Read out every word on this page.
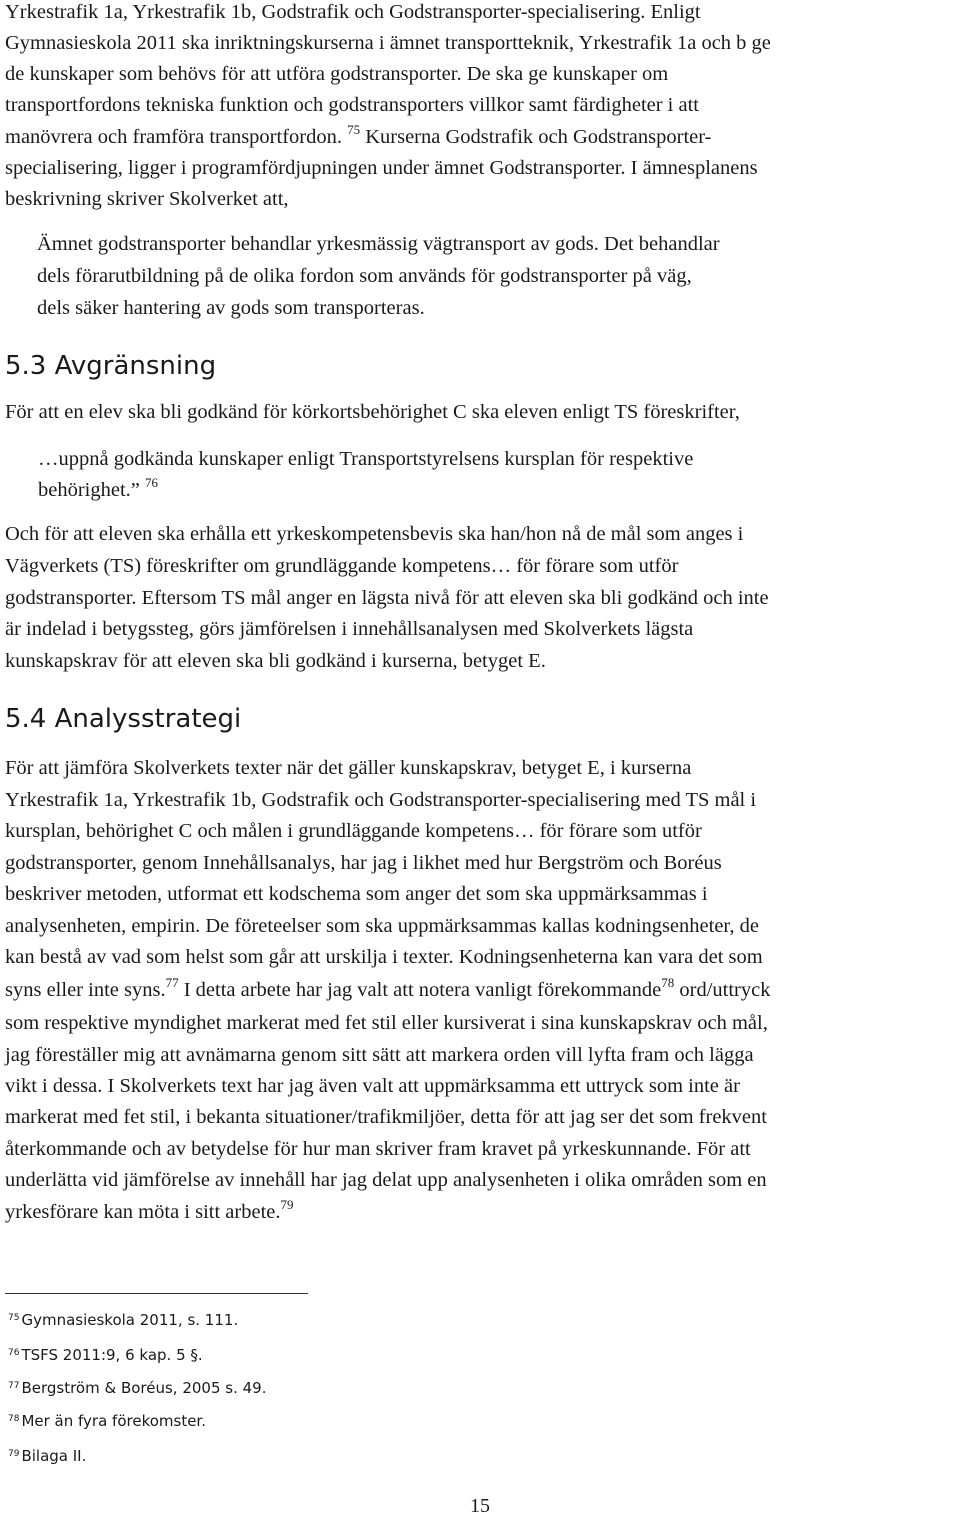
Yrkestrafik 1a, Yrkestrafik 1b, Godstrafik och Godstransporter-specialisering. Enligt

Gymnasieskola 2011 ska inriktningskurserna i ämnet transportteknik, Yrkestrafik 1a och b ge

de kunskaper som behövs för att utföra godstransporter. De ska ge kunskaper om

transportfordons tekniska funktion och godstransporters villkor samt färdigheter i att

manövrera och framföra transportfordon. $^{75}$ Kurserna Godstrafik och Godstransporter-

specialisering, ligger i programfördjupningen under ämnet Godstransporter. I ämnesplanens

beskrivning skriver Skolverket att,

Ämnet godstransporter behandlar yrkesmässig vägtransport av gods. Det behandlar

dels förarutbildning på de olika fordon som används för godstransporter på väg,

dels säker hantering av gods som transporteras.

5.3 Avgränsning

För att en elev ska bli godkänd för körkortsbehörighet C ska eleven enligt TS föreskrifter,

…uppnå godkända kunskaper enligt Transportstyrelsens kursplan för respektive

behörighet.” $^{76}$

Och för att eleven ska erhålla ett yrkeskompetensbevis ska han/hon nå de mål som anges i

Vägverkets (TS) föreskrifter om grundläggande kompetens… för förare som utför

godstransporter. Eftersom TS mål anger en lägsta nivå för att eleven ska bli godkänd och inte

är indelad i betygssteg, görs jämförelsen i innehållsanalysen med Skolverkets lägsta

kunskapskrav för att eleven ska bli godkänd i kurserna, betyget E.

5.4 Analysstrategi

För att jämföra Skolverkets texter när det gäller kunskapskrav, betyget E, i kurserna

Yrkestrafik 1a, Yrkestrafik 1b, Godstrafik och Godstransporter-specialisering med TS mål i

kursplan, behörighet C och målen i grundläggande kompetens… för förare som utför

godstransporter, genom Innehållsanalys, har jag i likhet med hur Bergström och Boréus

beskriver metoden, utformat ett kodschema som anger det som ska uppmärksammas i

analysenheten, empirin. De företeelser som ska uppmärksammas kallas kodningsenheter, de

kan bestå av vad som helst som går att urskilja i texter. Kodningsenheterna kan vara det som

syns eller inte syns.$^{77}$ I detta arbete har jag valt att notera vanligt förekommande$^{78}$ ord/uttryck

som respektive myndighet markerat med fet stil eller kursiverat i sina kunskapskrav och mål,

jag föreställer mig att avnämarna genom sitt sätt att markera orden vill lyfta fram och lägga

vikt i dessa. I Skolverkets text har jag även valt att uppmärksamma ett uttryck som inte är

markerat med fet stil, i bekanta situationer/trafikmiljöer, detta för att jag ser det som frekvent

återkommande och av betydelse för hur man skriver fram kravet på yrkeskunnande. För att

underlätta vid jämförelse av innehåll har jag delat upp analysenheten i olika områden som en

yrkesförare kan möta i sitt arbete.$^{79}$

$^{75}$ Gymnasieskola 2011, s. 111.

$^{76}$ TSFS 2011:9, 6 kap. 5 §.

$^{77}$ Bergström & Boréus, 2005 s. 49.

$^{78}$ Mer än fyra förekomster.

$^{79}$ Bilaga II.

15
